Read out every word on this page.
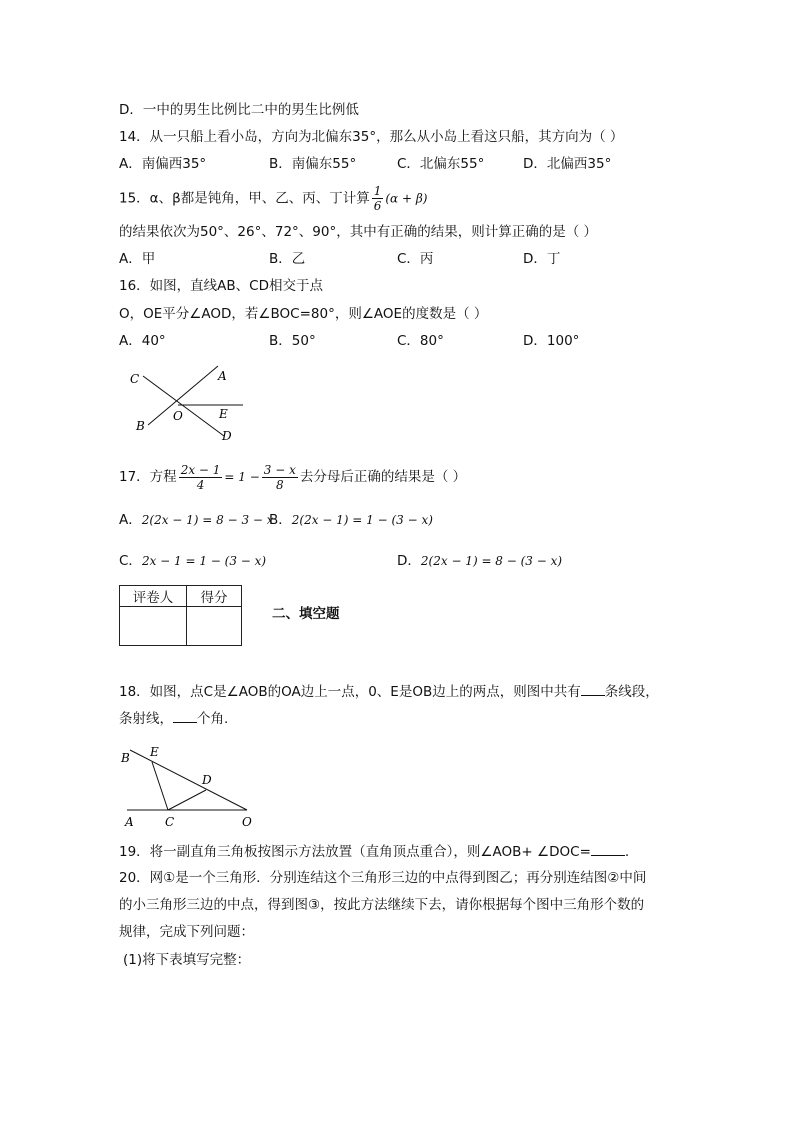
D．一中的男生比例比二中的男生比例低
14．从一只船上看小岛，方向为北偏东35°，那么从小岛上看这只船，其方向为（ ）
A．南偏西35°	B．南偏东55°	C．北偏东55°	D．北偏西35°
15．α、β都是钝角，甲、乙、丙、丁计算 $\frac{1}{6} (\alpha + \beta)$
的结果依次为50°、26°、72°、90°，其中有正确的结果，则计算正确的是（ ）
A．甲	B．乙	C．丙	D．丁
16．如图，直线AB、CD相交于点
O，OE平分∠AOD，若∠BOC=80°，则∠AOE的度数是（ ）
A．40°	B．50°	C．80°	D．100°
C	A
B
O	E
D
17．方程 $\frac{2x - 1}{4} = 1 - \frac{3 - x}{8}$ 去分母后正确的结果是（ ）
A．2(2x − 1) = 8 − 3 − x
B．2(2x − 1) = 1 − (3 − x)
C．2x − 1 = 1 − (3 − x)	D．2(2x − 1) = 8 − (3 − x)
评卷人	得分

二、填空题
18．如图，点C是∠AOB的OA边上一点，0、E是OB边上的两点，则图中共有 条线段，
条射线， 个角.
B E
D
A	C	O
19．将一副直角三角板按图示方法放置（直角顶点重合），则∠AOB+ ∠DOC=	.
20．网①是一个三角形．分别连结这个三角形三边的中点得到图乙；再分别连结图②中间
的小三角形三边的中点，得到图③，按此方法继续下去，请你根据每个图中三角形个数的
规律，完成下列问题：
(1)将下表填写完整：
